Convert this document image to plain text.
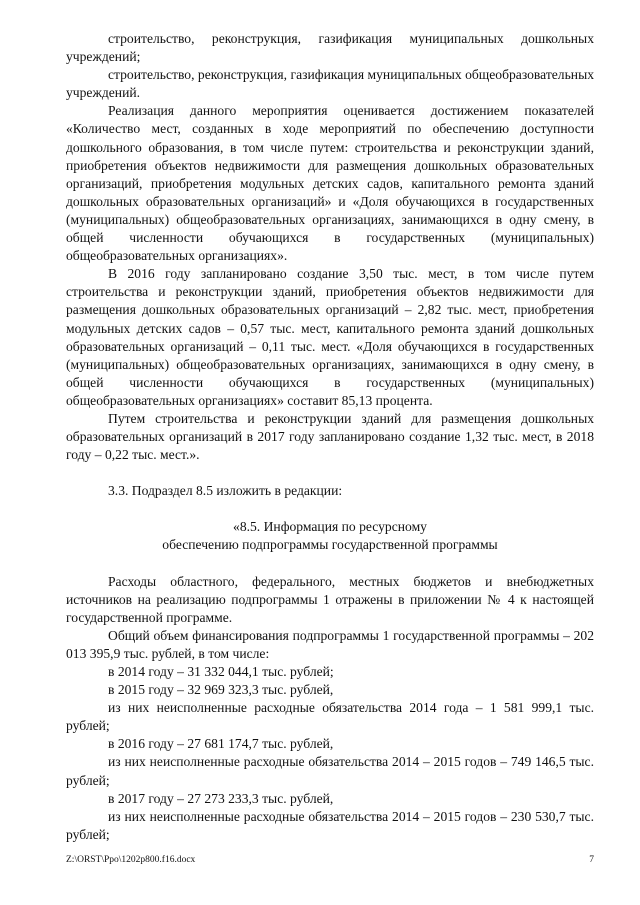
строительство, реконструкция, газификация муниципальных дошкольных учреждений;

строительство, реконструкция, газификация муниципальных общеобразовательных учреждений.

Реализация данного мероприятия оценивается достижением показателей «Количество мест, созданных в ходе мероприятий по обеспечению доступности дошкольного образования, в том числе путем: строительства и реконструкции зданий, приобретения объектов недвижимости для размещения дошкольных образовательных организаций, приобретения модульных детских садов, капитального ремонта зданий дошкольных образовательных организаций» и «Доля обучающихся в государственных (муниципальных) общеобразовательных организациях, занимающихся в одну смену, в общей численности обучающихся в государственных (муниципальных) общеобразовательных организациях».

В 2016 году запланировано создание 3,50 тыс. мест, в том числе путем строительства и реконструкции зданий, приобретения объектов недвижимости для размещения дошкольных образовательных организаций – 2,82 тыс. мест, приобретения модульных детских садов – 0,57 тыс. мест, капитального ремонта зданий дошкольных образовательных организаций – 0,11 тыс. мест. «Доля обучающихся в государственных (муниципальных) общеобразовательных организациях, занимающихся в одну смену, в общей численности обучающихся в государственных (муниципальных) общеобразовательных организациях» составит 85,13 процента.

Путем строительства и реконструкции зданий для размещения дошкольных образовательных организаций в 2017 году запланировано создание 1,32 тыс. мест, в 2018 году – 0,22 тыс. мест.».

3.3. Подраздел 8.5 изложить в редакции:

«8.5. Информация по ресурсному

обеспечению подпрограммы государственной программы

Расходы областного, федерального, местных бюджетов и внебюджетных источников на реализацию подпрограммы 1 отражены в приложении № 4 к настоящей государственной программе.

Общий объем финансирования подпрограммы 1 государственной программы – 202 013 395,9 тыс. рублей, в том числе:

в 2014 году – 31 332 044,1 тыс. рублей;

в 2015 году – 32 969 323,3 тыс. рублей,

из них неисполненные расходные обязательства 2014 года – 1 581 999,1 тыс. рублей;

в 2016 году – 27 681 174,7 тыс. рублей,

из них неисполненные расходные обязательства 2014 – 2015 годов – 749 146,5 тыс. рублей;

в 2017 году – 27 273 233,3 тыс. рублей,

из них неисполненные расходные обязательства 2014 – 2015 годов – 230 530,7 тыс. рублей;

Z:\ORST\Ppo\1202p800.f16.docx	7
